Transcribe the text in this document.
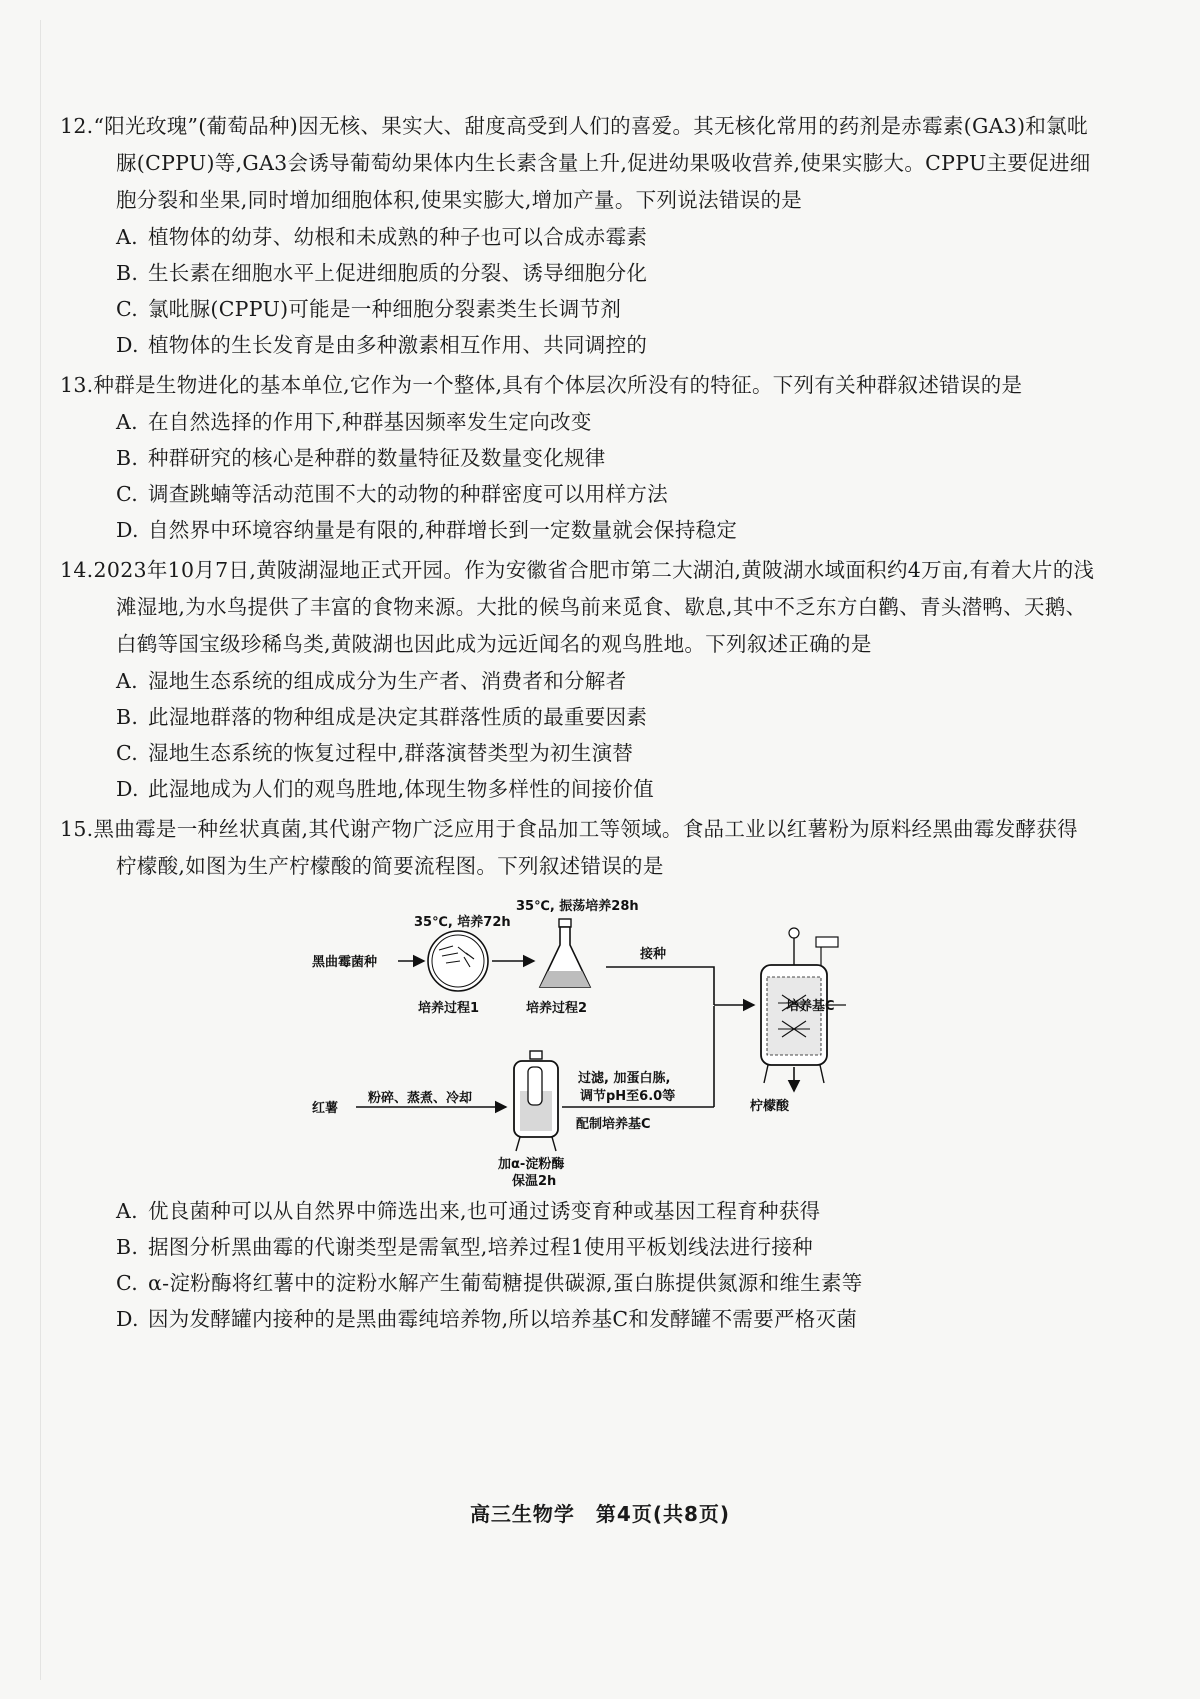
12.“阳光玫瑰”(葡萄品种)因无核、果实大、甜度高受到人们的喜爱。其无核化常用的药剂是赤霉素(GA3)和氯吡脲(CPPU)等,GA3会诱导葡萄幼果体内生长素含量上升,促进幼果吸收营养,使果实膨大。CPPU主要促进细胞分裂和坐果,同时增加细胞体积,使果实膨大,增加产量。下列说法错误的是
A. 植物体的幼芽、幼根和未成熟的种子也可以合成赤霉素
B. 生长素在细胞水平上促进细胞质的分裂、诱导细胞分化
C. 氯吡脲(CPPU)可能是一种细胞分裂素类生长调节剂
D. 植物体的生长发育是由多种激素相互作用、共同调控的
13.种群是生物进化的基本单位,它作为一个整体,具有个体层次所没有的特征。下列有关种群叙述错误的是
A. 在自然选择的作用下,种群基因频率发生定向改变
B. 种群研究的核心是种群的数量特征及数量变化规律
C. 调查跳蝻等活动范围不大的动物的种群密度可以用样方法
D. 自然界中环境容纳量是有限的,种群增长到一定数量就会保持稳定
14.2023年10月7日,黄陂湖湿地正式开园。作为安徽省合肥市第二大湖泊,黄陂湖水域面积约4万亩,有着大片的浅滩湿地,为水鸟提供了丰富的食物来源。大批的候鸟前来觅食、歇息,其中不乏东方白鹳、青头潜鸭、天鹅、白鹤等国宝级珍稀鸟类,黄陂湖也因此成为远近闻名的观鸟胜地。下列叙述正确的是
A. 湿地生态系统的组成成分为生产者、消费者和分解者
B. 此湿地群落的物种组成是决定其群落性质的最重要因素
C. 湿地生态系统的恢复过程中,群落演替类型为初生演替
D. 此湿地成为人们的观鸟胜地,体现生物多样性的间接价值
15.黑曲霉是一种丝状真菌,其代谢产物广泛应用于食品加工等领域。食品工业以红薯粉为原料经黑曲霉发酵获得柠檬酸,如图为生产柠檬酸的简要流程图。下列叙述错误的是
黑曲霉菌种
35℃, 培养72h
培养过程1
35℃, 振荡培养28h
培养过程2
接种
培养基C
柠檬酸
红薯
粉碎、蒸煮、冷却
加α-淀粉酶
保温2h
过滤, 加蛋白胨,
调节pH至6.0等
配制培养基C
A. 优良菌种可以从自然界中筛选出来,也可通过诱变育种或基因工程育种获得
B. 据图分析黑曲霉的代谢类型是需氧型,培养过程1使用平板划线法进行接种
C. α-淀粉酶将红薯中的淀粉水解产生葡萄糖提供碳源,蛋白胨提供氮源和维生素等
D. 因为发酵罐内接种的是黑曲霉纯培养物,所以培养基C和发酵罐不需要严格灭菌
高三生物学　第4页(共8页)
